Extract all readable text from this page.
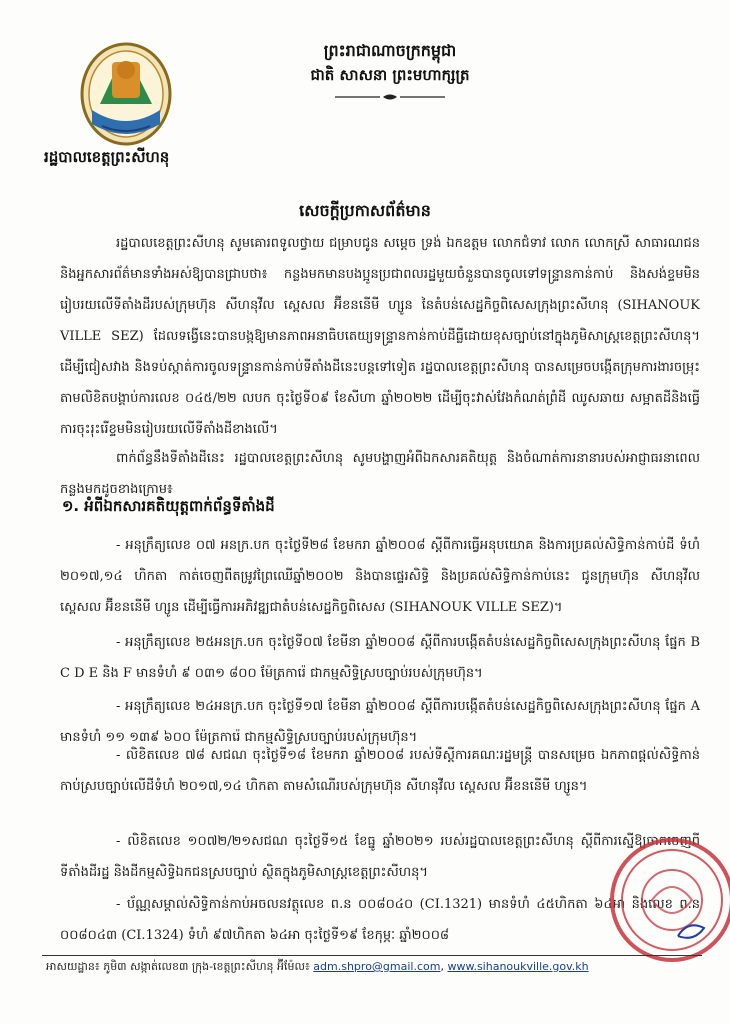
រដ្ឋបាលខេត្តព្រះសីហនុ
ព្រះរាជាណាចក្រកម្ពុជា
ជាតិ សាសនា ព្រះមហាក្សត្រ
សេចក្តីប្រកាសព័ត៌មាន
រដ្ឋបាលខេត្តព្រះសីហនុ សូមគោរពទូលថ្វាយ ជម្រាបជូន សម្តេច ទ្រង់ ឯកឧត្តម លោកជំទាវ លោក លោកស្រី សាធារណជន និងអ្នកសារព័ត៌មានទាំងអស់ឱ្យបានជ្រាបថា៖ កន្លងមកមានបងប្អូនប្រជាពលរដ្ឋមួយចំនួនបានចូលទៅទន្ទ្រានកាន់កាប់ និងសង់ខ្ទមមិនរៀបរយលើទីតាំងដីរបស់ក្រុមហ៊ុន សីហនុវីល ស្ពេសល អ៊ីខននើមី ហ្សូន នៃតំបន់សេដ្ឋកិច្ចពិសេសក្រុងព្រះសីហនុ (SIHANOUK VILLE SEZ) ដែលទង្វើនេះបានបង្កឱ្យមានភាពអនាធិបតេយ្យទន្ទ្រានកាន់កាប់ដីធ្លីដោយខុសច្បាប់នៅក្នុងភូមិសាស្ត្រខេត្តព្រះសីហនុ។ ដើម្បីជៀសវាង និងទប់ស្កាត់ការចូលទន្ទ្រានកាន់កាប់ទីតាំងដីនេះបន្តទៅទៀត រដ្ឋបាលខេត្តព្រះសីហនុ បានសម្រេចបង្កើតក្រុមការងារចម្រុះ តាមលិខិតបង្គាប់ការលេខ ០៤៥/២២ លបក ចុះថ្ងៃទី០៩ ខែសីហា ឆ្នាំ២០២២ ដើម្បីចុះវាស់វែងកំណត់ព្រំដី ឈូសឆាយ សម្អាតដីនិងធ្វើការចុះរុះរើខ្ទមមិនរៀបរយលើទីតាំងដីខាងលើ។
ពាក់ព័ន្ធនឹងទីតាំងដីនេះ រដ្ឋបាលខេត្តព្រះសីហនុ សូមបង្ហាញអំពីឯកសារគតិយុត្ត និងចំណាត់ការនានារបស់អាជ្ញាធរនាពេលកន្លងមកដូចខាងក្រោម៖
១. អំពីឯកសារគតិយុត្តពាក់ព័ន្ធទីតាំងដី
- អនុក្រឹត្យលេខ ០៧ អនក្រ.បក ចុះថ្ងៃទី២៨ ខែមករា ឆ្នាំ២០០៨ ស្តីពីការធ្វើអនុបយោគ និងការប្រគល់សិទ្ធិកាន់កាប់ដី ទំហំ ២០១៧,១៤ ហិកតា កាត់ចេញពីតម្រូវព្រៃឈើឆ្នាំ២០០២ និងបានផ្ទេរសិទ្ធិ និងប្រគល់សិទ្ធិកាន់កាប់នេះ ជូនក្រុមហ៊ុន សីហនុវីល ស្ពេសល អ៊ីខននើមី ហ្សូន ដើម្បីធ្វើការអភិវឌ្ឍជាតំបន់សេដ្ឋកិច្ចពិសេស (SIHANOUK VILLE SEZ)។
- អនុក្រឹត្យលេខ ២៥អនក្រ.បក ចុះថ្ងៃទី០៧ ខែមីនា ឆ្នាំ២០០៨ ស្តីពីការបង្កើតតំបន់សេដ្ឋកិច្ចពិសេសក្រុងព្រះសីហនុ ផ្នែក B C D E និង F មានទំហំ ៩ ០៣១ ៨០០ ម៉ែត្រការ៉េ ជាកម្មសិទ្ធិស្របច្បាប់របស់ក្រុមហ៊ុន។
- អនុក្រឹត្យលេខ ២៤អនក្រ.បក ចុះថ្ងៃទី១៧ ខែមីនា ឆ្នាំ២០០៨ ស្តីពីការបង្កើតតំបន់សេដ្ឋកិច្ចពិសេសក្រុងព្រះសីហនុ ផ្នែក A មានទំហំ ១១ ១៣៩ ៦០០ ម៉ែត្រការ៉េ ជាកម្មសិទ្ធិស្របច្បាប់របស់ក្រុមហ៊ុន។
- លិខិតលេខ ៧៨ សជណ ចុះថ្ងៃទី១៨ ខែមករា ឆ្នាំ២០០៨ របស់ទីស្តីការគណៈរដ្ឋមន្ត្រី បានសម្រេច ឯកភាពផ្តល់សិទ្ធិកាន់កាប់ស្របច្បាប់លើដីទំហំ ២០១៧,១៤ ហិកតា តាមសំណើរបស់ក្រុមហ៊ុន សីហនុវីល ស្ពេសល អ៊ីខននើមី ហ្សូន។
- លិខិតលេខ ១០៧២/២១សជណ ចុះថ្ងៃទី១៥ ខែធ្នូ ឆ្នាំ២០២១ របស់រដ្ឋបាលខេត្តព្រះសីហនុ ស្តីពីការស្នើឱ្យចាកចេញពីទីតាំងដីរដ្ឋ និងដីកម្មសិទ្ធិឯកជនស្របច្បាប់ ស្ថិតក្នុងភូមិសាស្ត្រខេត្តព្រះសីហនុ។
- ប័ណ្ណសម្គាល់សិទ្ធិកាន់កាប់អចលនវត្ថុលេខ ព.ន ០០៨០៤០ (CI.1321) មានទំហំ ៤៥ហិកតា ៦៤អា និងលេខ ព.ន ០០៨០៤៣ (CI.1324) ទំហំ ៩៧ហិកតា ៦៤អា ចុះថ្ងៃទី១៩ ខែកុម្ភៈ ឆ្នាំ២០០៨
អាសយដ្ឋាន៖ ភូមិ៣ សង្កាត់លេខ៣ ក្រុង-ខេត្តព្រះសីហនុ អ៊ីម៉ែល៖ adm.shpro@gmail.com, www.sihanoukville.gov.kh
